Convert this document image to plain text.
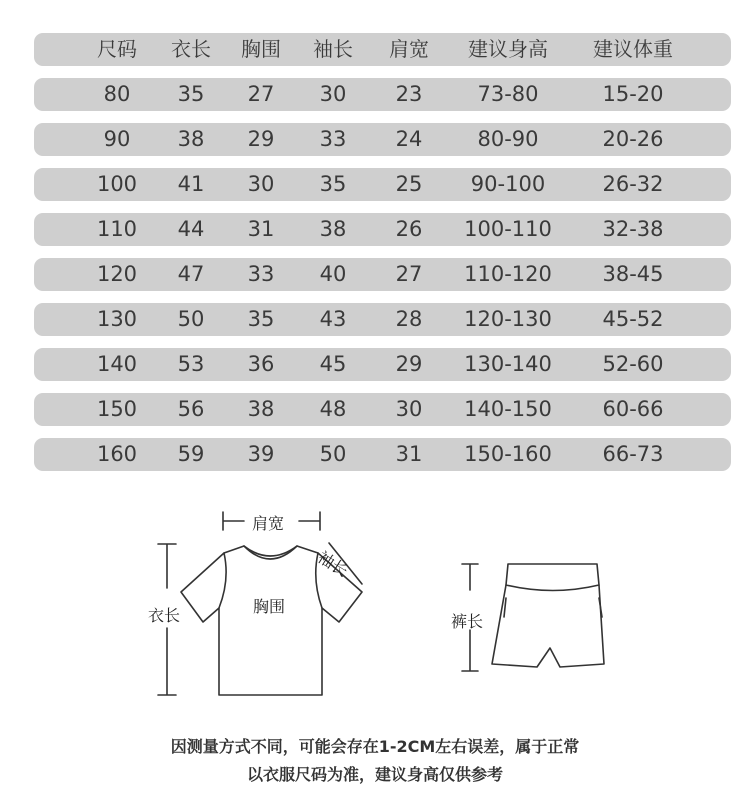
尺码	衣长	胸围	袖长	肩宽	建议身高	建议体重
80	35	27	30	23	73-80	15-20
90	38	29	33	24	80-90	20-26
100	41	30	35	25	90-100	26-32
110	44	31	38	26	100-110	32-38
120	47	33	40	27	110-120	38-45
130	50	35	43	28	120-130	45-52
140	53	36	45	29	130-140	52-60
150	56	38	48	30	140-150	60-66
160	59	39	50	31	150-160	66-73
肩宽
袖长
胸围
衣长	裤长
因测量方式不同，可能会存在1-2CM左右误差，属于正常
以衣服尺码为准，建议身高仅供参考
